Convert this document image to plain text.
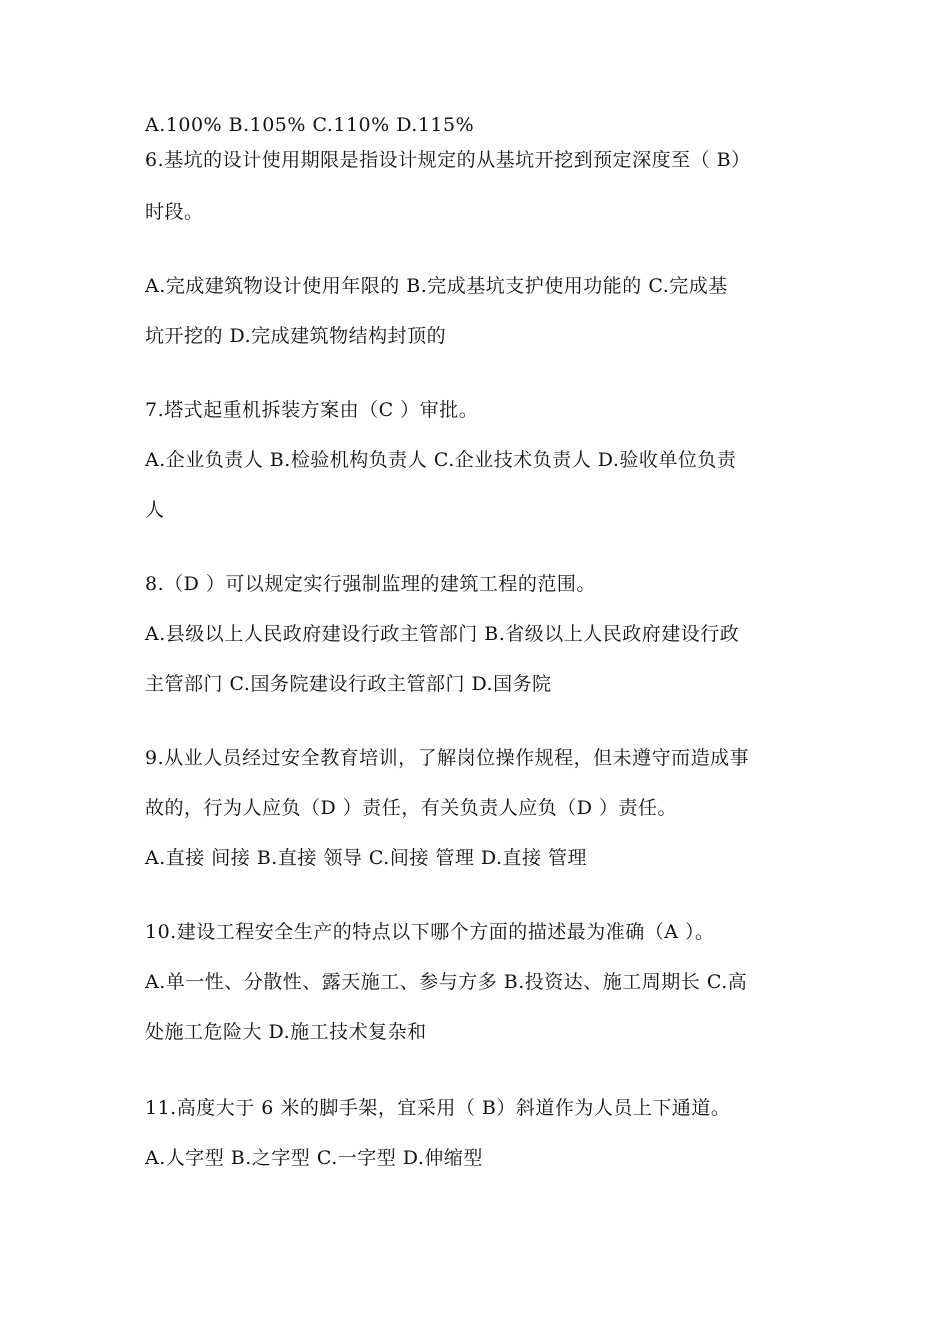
A.100% B.105% C.110% D.115%
6.基坑的设计使用期限是指设计规定的从基坑开挖到预定深度至（ B）
时段。
A.完成建筑物设计使用年限的 B.完成基坑支护使用功能的 C.完成基
坑开挖的 D.完成建筑物结构封顶的
7.塔式起重机拆装方案由（C ）审批。
A.企业负责人 B.检验机构负责人 C.企业技术负责人 D.验收单位负责
人
8.（D ）可以规定实行强制监理的建筑工程的范围。
A.县级以上人民政府建设行政主管部门 B.省级以上人民政府建设行政
主管部门 C.国务院建设行政主管部门 D.国务院
9.从业人员经过安全教育培训，了解岗位操作规程，但未遵守而造成事
故的，行为人应负（D ）责任，有关负责人应负（D ）责任。
A.直接 间接 B.直接 领导 C.间接 管理 D.直接 管理
10.建设工程安全生产的特点以下哪个方面的描述最为准确（A ）。
A.单一性、分散性、露天施工、参与方多 B.投资达、施工周期长 C.高
处施工危险大 D.施工技术复杂和
11.高度大于 6 米的脚手架，宜采用（ B）斜道作为人员上下通道。
A.人字型 B.之字型 C.一字型 D.伸缩型
